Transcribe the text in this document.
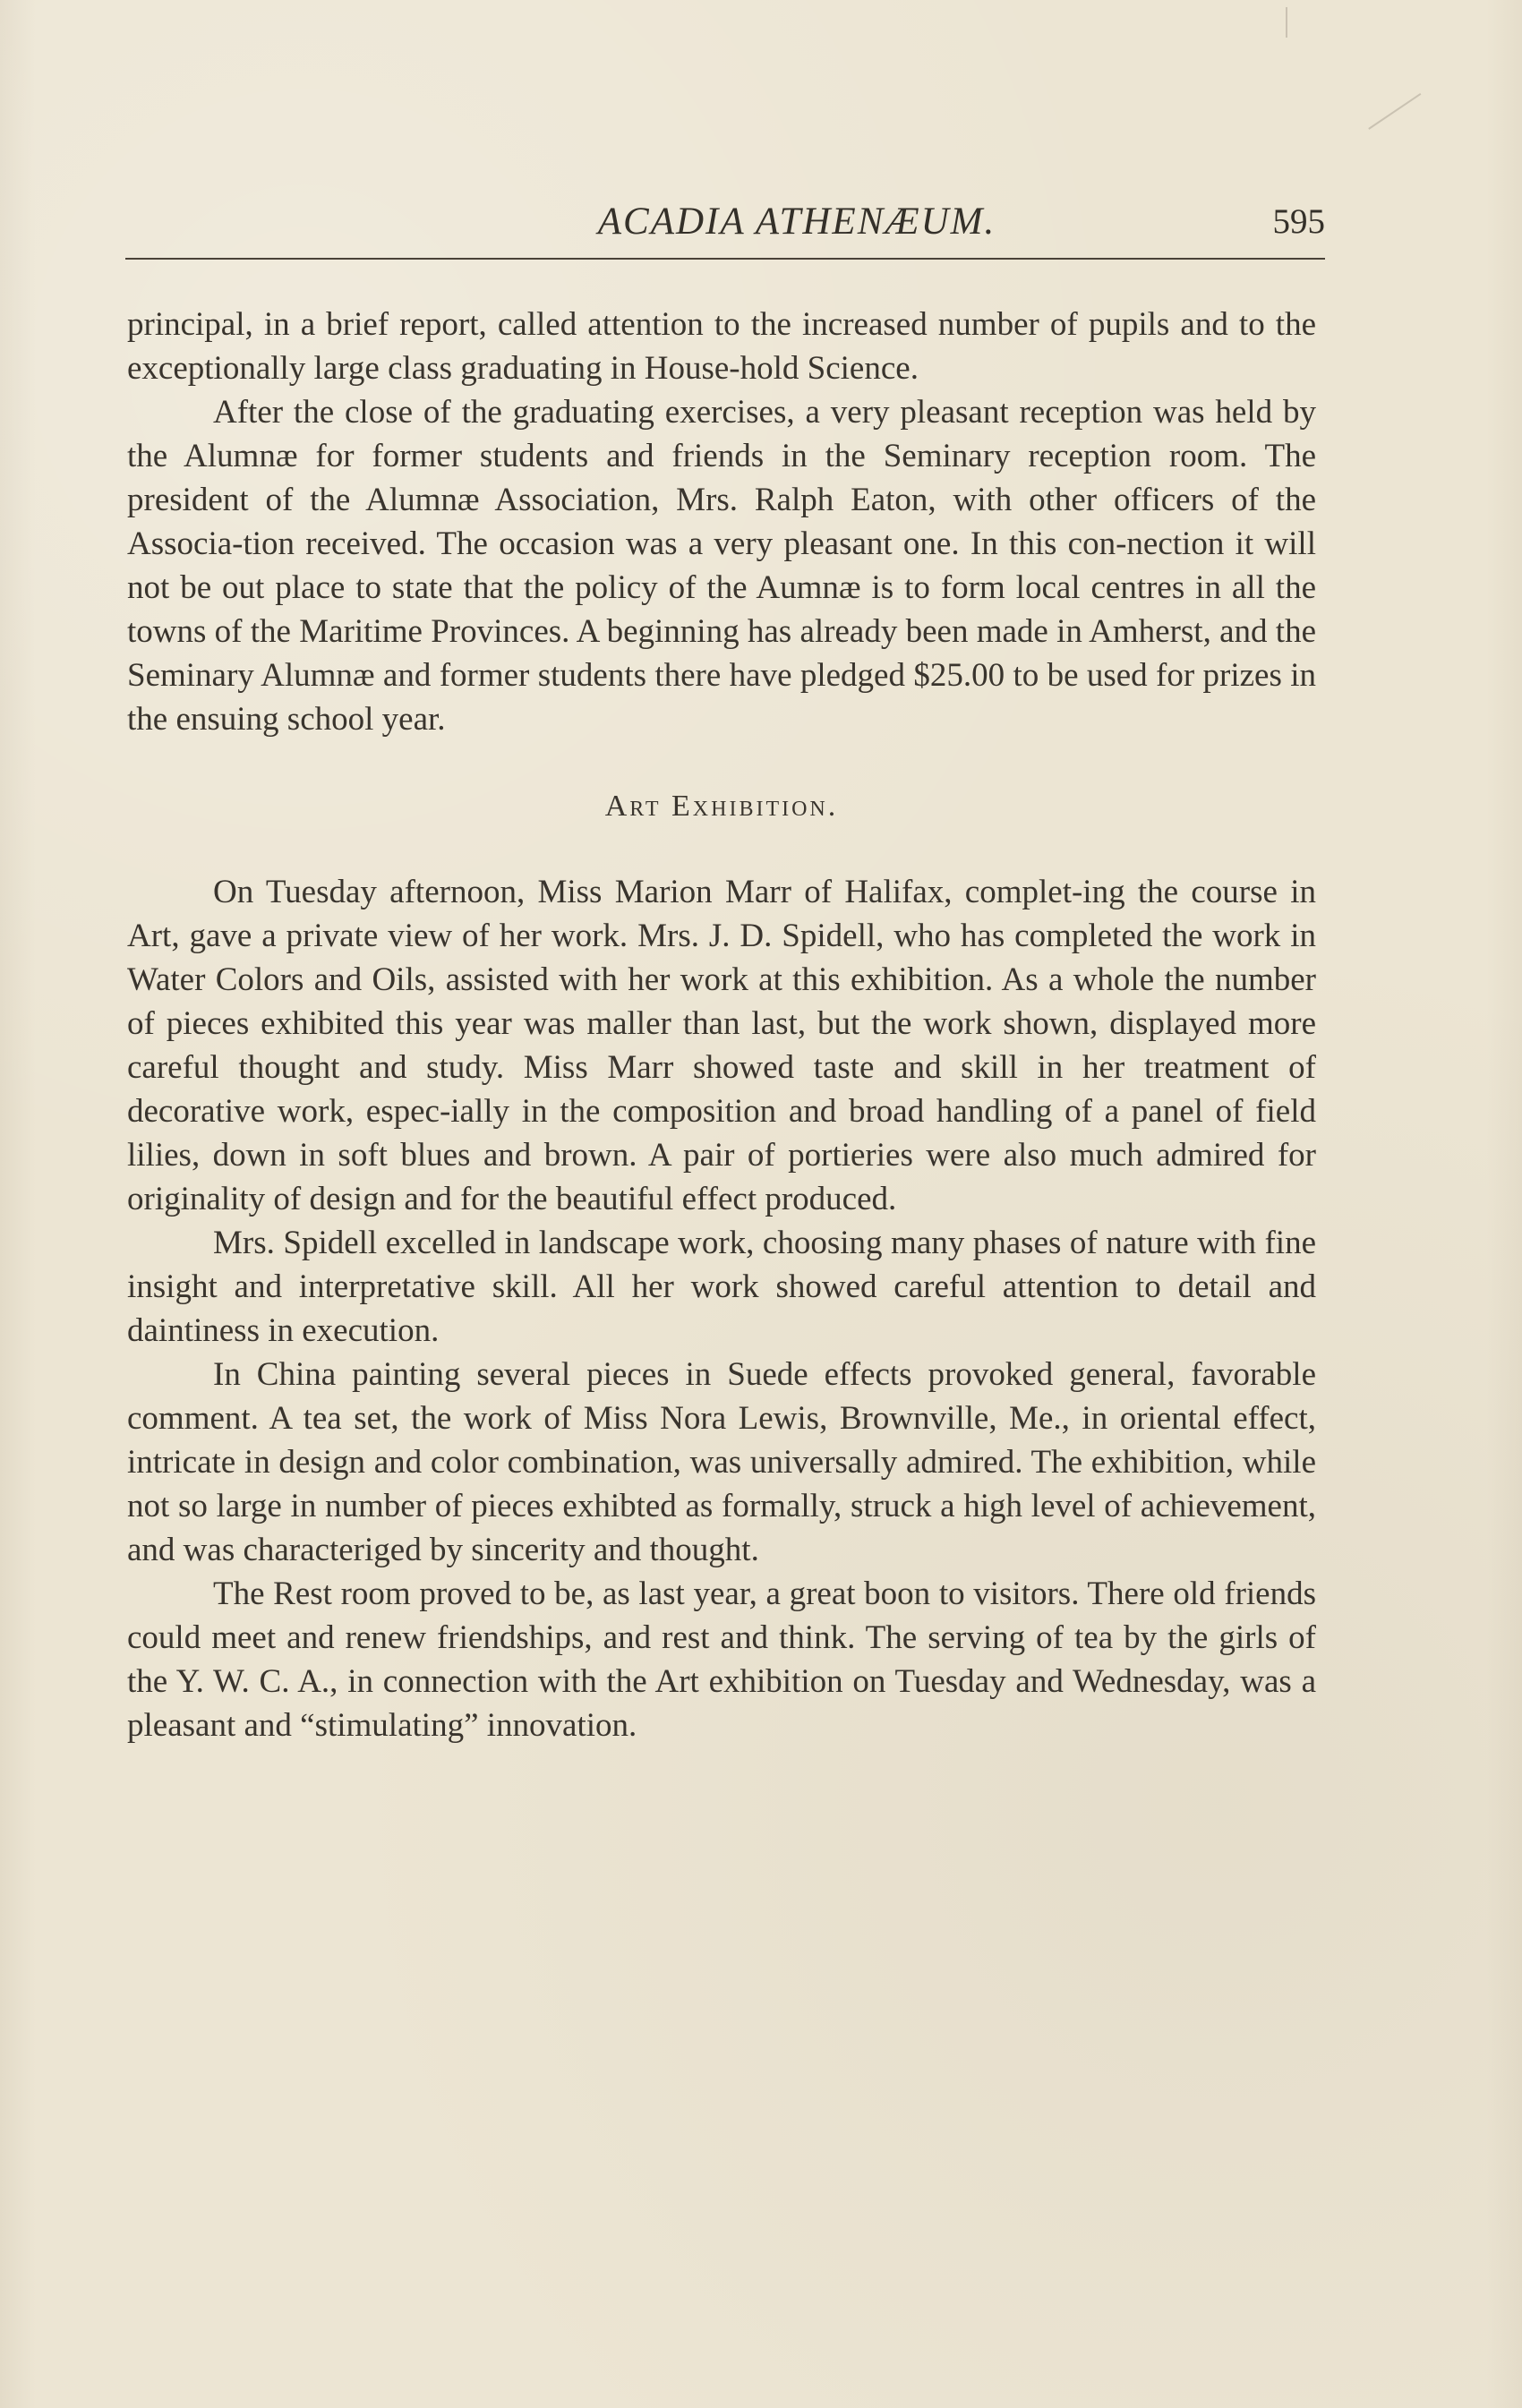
ACADIA ATHENÆUM.	595

principal, in a brief report, called attention to the increased number of pupils and to the exceptionally large class graduating in House-hold Science.

After the close of the graduating exercises, a very pleasant reception was held by the Alumnæ for former students and friends in the Seminary reception room. The president of the Alumnæ Association, Mrs. Ralph Eaton, with other officers of the Associa-tion received. The occasion was a very pleasant one. In this con-nection it will not be out place to state that the policy of the Aumnæ is to form local centres in all the towns of the Maritime Provinces. A beginning has already been made in Amherst, and the Seminary Alumnæ and former students there have pledged $25.00 to be used for prizes in the ensuing school year.

Art Exhibition.

On Tuesday afternoon, Miss Marion Marr of Halifax, complet-ing the course in Art, gave a private view of her work. Mrs. J. D. Spidell, who has completed the work in Water Colors and Oils, assisted with her work at this exhibition. As a whole the number of pieces exhibited this year was maller than last, but the work shown, displayed more careful thought and study. Miss Marr showed taste and skill in her treatment of decorative work, espec-ially in the composition and broad handling of a panel of field lilies, down in soft blues and brown. A pair of portieries were also much admired for originality of design and for the beautiful effect produced.

Mrs. Spidell excelled in landscape work, choosing many phases of nature with fine insight and interpretative skill. All her work showed careful attention to detail and daintiness in execution.

In China painting several pieces in Suede effects provoked general, favorable comment. A tea set, the work of Miss Nora Lewis, Brownville, Me., in oriental effect, intricate in design and color combination, was universally admired. The exhibition, while not so large in number of pieces exhibted as formally, struck a high level of achievement, and was characteriged by sincerity and thought.

The Rest room proved to be, as last year, a great boon to visitors. There old friends could meet and renew friendships, and rest and think. The serving of tea by the girls of the Y. W. C. A., in connection with the Art exhibition on Tuesday and Wednesday, was a pleasant and “stimulating” innovation.
